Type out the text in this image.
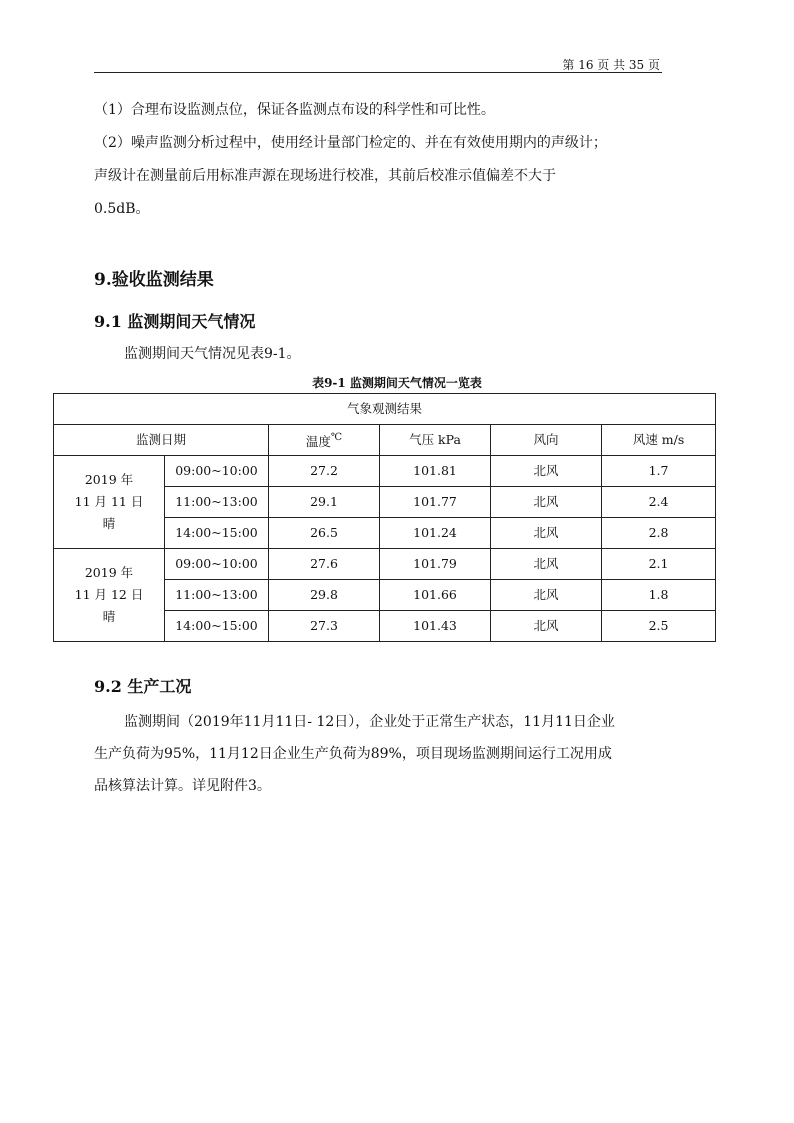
第 16 页 共 35 页
（1）合理布设监测点位，保证各监测点布设的科学性和可比性。
（2）噪声监测分析过程中，使用经计量部门检定的、并在有效使用期内的声级计；
声级计在测量前后用标准声源在现场进行校准，其前后校准示值偏差不大于
0.5dB。
9.验收监测结果
9.1 监测期间天气情况
监测期间天气情况见表9-1。
表9-1 监测期间天气情况一览表
气象观测结果					
监测日期		温度℃	气压 kPa	风向	风速 m/s

2019 年
11 月 11 日
晴	09:00~10:00	27.2	101.81	北风	1.7
	11:00~13:00	29.1	101.77	北风	2.4
	14:00~15:00	26.5	101.24	北风	2.8

2019 年
11 月 12 日
晴	09:00~10:00	27.6	101.79	北风	2.1
	11:00~13:00	29.8	101.66	北风	1.8
	14:00~15:00	27.3	101.43	北风	2.5
9.2 生产工况
监测期间（2019年11月11日- 12日），企业处于正常生产状态，11月11日企业
生产负荷为95%，11月12日企业生产负荷为89%，项目现场监测期间运行工况用成
品核算法计算。详见附件3。
